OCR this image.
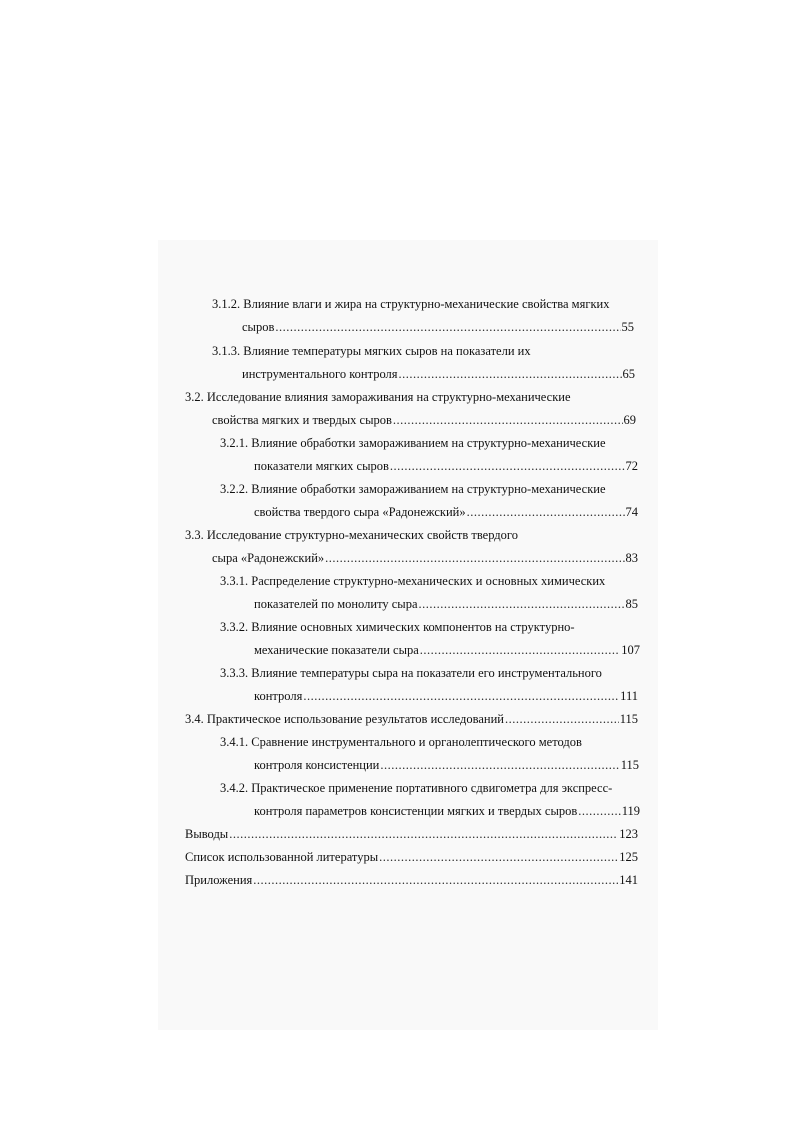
3.1.2. Влияние влаги и жира на структурно-механические свойства мягких
сыров .....	55
3.1.3. Влияние температуры мягких сыров на показатели их
инструментального контроля .....	65
3.2. Исследование влияния замораживания на структурно-механические
свойства мягких и твердых сыров .....	69
3.2.1. Влияние обработки замораживанием на структурно-механические
показатели мягких сыров .....	72
3.2.2. Влияние обработки замораживанием на структурно-механические
свойства твердого сыра «Радонежский» .....	74
3.3. Исследование структурно-механических свойств твердого
сыра «Радонежский» .....	83
3.3.1. Распределение структурно-механических и основных химических
показателей по монолиту сыра .....	85
3.3.2. Влияние основных химических компонентов на структурно-
механические показатели сыра .....	107
3.3.3. Влияние температуры сыра на показатели его инструментального
контроля .....	111
3.4. Практическое использование результатов исследований .....	115
3.4.1. Сравнение инструментального и органолептического методов
контроля консистенции .....	115
3.4.2. Практическое применение портативного сдвигометра для экспресс-
контроля параметров консистенции мягких и твердых сыров .....	119
Выводы .....	123
Список использованной литературы .....	125
Приложения .....	141
